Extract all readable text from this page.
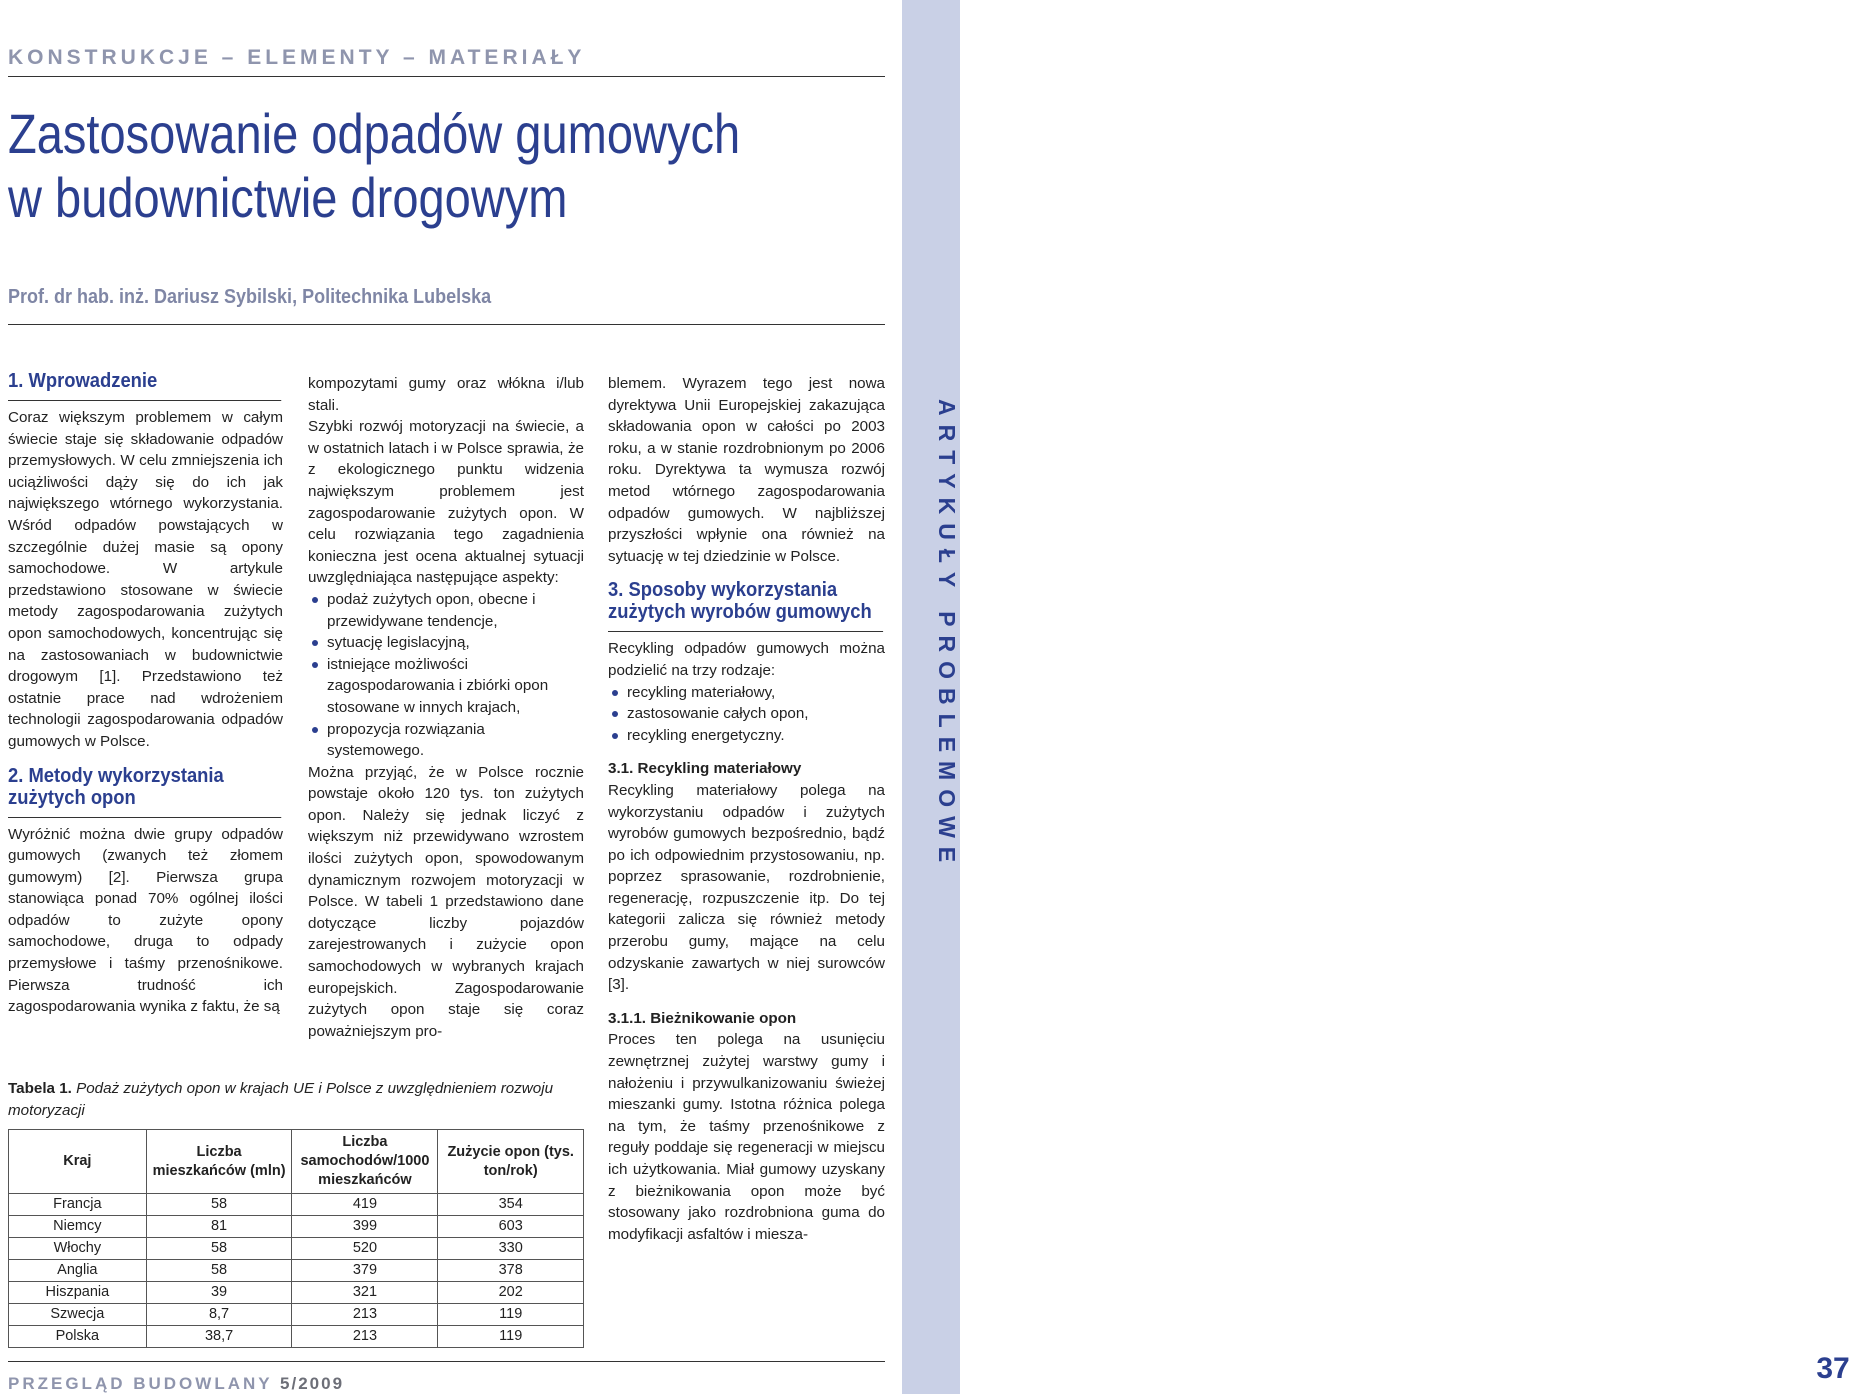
ARTYKUŁY PROBLEMOWE
37
KONSTRUKCJE – ELEMENTY – MATERIAŁY
Zastosowanie odpadów gumowych
w budownictwie drogowym
Prof. dr hab. inż. Dariusz Sybilski, Politechnika Lubelska
1. Wprowadzenie

Coraz większym problemem w całym świecie staje się składowanie odpadów przemysłowych. W celu zmniejszenia ich uciążliwości dąży się do ich jak największego wtórnego wykorzystania. Wśród odpadów powstających w szczególnie dużej masie są opony samochodowe. W artykule przedstawiono stosowane w świecie metody zagospodarowania zużytych opon samochodowych, koncentrując się na zastosowaniach w budownictwie drogowym [1]. Przedstawiono też ostatnie prace nad wdrożeniem technologii zagospodarowania odpadów gumowych w Polsce.

2. Metody wykorzystania zużytych opon

Wyróżnić można dwie grupy odpadów gumowych (zwanych też złomem gumowym) [2]. Pierwsza grupa stanowiąca ponad 70% ogólnej ilości odpadów to zużyte opony samochodowe, druga to odpady przemysłowe i taśmy przenośnikowe. Pierwsza trudność ich zagospodarowania wynika z faktu, że są

kompozytami gumy oraz włókna i/lub stali.

Szybki rozwój motoryzacji na świecie, a w ostatnich latach i w Polsce sprawia, że z ekologicznego punktu widzenia największym problemem jest zagospodarowanie zużytych opon. W celu rozwiązania tego zagadnienia konieczna jest ocena aktualnej sytuacji uwzględniająca następujące aspekty:

podaż zużytych opon, obecne i przewidywane tendencje,
sytuację legislacyjną,
istniejące możliwości zagospodarowania i zbiórki opon stosowane w innych krajach,
propozycja rozwiązania systemowego.

Można przyjąć, że w Polsce rocznie powstaje około 120 tys. ton zużytych opon. Należy się jednak liczyć z większym niż przewidywano wzrostem ilości zużytych opon, spowodowanym dynamicznym rozwojem motoryzacji w Polsce. W tabeli 1 przedstawiono dane dotyczące liczby pojazdów zarejestrowanych i zużycie opon samochodowych w wybranych krajach europejskich. Zagospodarowanie zużytych opon staje się coraz poważniejszym pro-

blemem. Wyrazem tego jest nowa dyrektywa Unii Europejskiej zakazująca składowania opon w całości po 2003 roku, a w stanie rozdrobnionym po 2006 roku. Dyrektywa ta wymusza rozwój metod wtórnego zagospodarowania odpadów gumowych. W najbliższej przyszłości wpłynie ona również na sytuację w tej dziedzinie w Polsce.

3. Sposoby wykorzystania zużytych wyrobów gumowych

Recykling odpadów gumowych można podzielić na trzy rodzaje:

recykling materiałowy,
zastosowanie całych opon,
recykling energetyczny.
3.1. Recykling materiałowy

Recykling materiałowy polega na wykorzystaniu odpadów i zużytych wyrobów gumowych bezpośrednio, bądź po ich odpowiednim przystosowaniu, np. poprzez sprasowanie, rozdrobnienie, regenerację, rozpuszczenie itp. Do tej kategorii zalicza się również metody przerobu gumy, mające na celu odzyskanie zawartych w niej surowców [3].

3.1.1. Bieżnikowanie opon

Proces ten polega na usunięciu zewnętrznej zużytej warstwy gumy i nałożeniu i przywulkanizowaniu świeżej mieszanki gumy. Istotna różnica polega na tym, że taśmy przenośnikowe z reguły poddaje się regeneracji w miejscu ich użytkowania. Miał gumowy uzyskany z bieżnikowania opon może być stosowany jako rozdrobniona guma do modyfikacji asfaltów i miesza-

Tabela 1. Podaż zużytych opon w krajach UE i Polsce z uwzględnieniem rozwoju motoryzacji
Kraj	Liczba mieszkańców (mln)	Liczba samochodów/1000 mieszkańców	Zużycie opon (tys. ton/rok)
Francja	58	419	354
Niemcy	81	399	603
Włochy	58	520	330
Anglia	58	379	378
Hiszpania	39	321	202
Szwecja	8,7	213	119
Polska	38,7	213	119
PRZEGLĄD BUDOWLANY 5/2009
